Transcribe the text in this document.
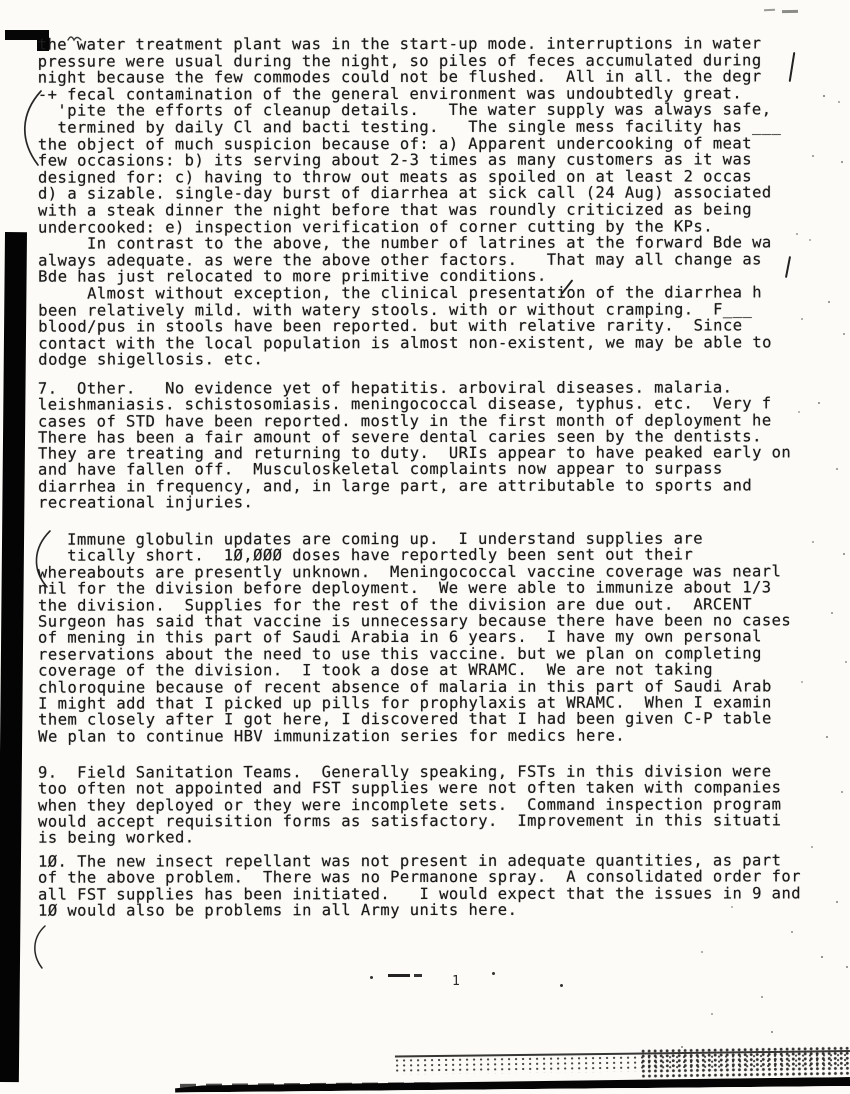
the water treatment plant was in the start-up mode. interruptions in water
pressure were usual during the night, so piles of feces accumulated during
night because the few commodes could not be flushed.  All in all. the degr
-+ fecal contamination of the general environment was undoubtedly great.
'pite the efforts of cleanup details.   The water supply was always safe,
termined by daily Cl and bacti testing.   The single mess facility has ___
the object of much suspicion because of: a) Apparent undercooking of meat
few occasions: b) its serving about 2-3 times as many customers as it was
designed for: c) having to throw out meats as spoiled on at least 2 occas
d) a sizable. single-day burst of diarrhea at sick call (24 Aug) associated
with a steak dinner the night before that was roundly criticized as being
undercooked: e) inspection verification of corner cutting by the KPs.
In contrast to the above, the number of latrines at the forward Bde wa
always adequate. as were the above other factors.   That may all change as
Bde has just relocated to more primitive conditions.
Almost without exception, the clinical presentation of the diarrhea h
been relatively mild. with watery stools. with or without cramping.  F___
blood/pus in stools have been reported. but with relative rarity.  Since
contact with the local population is almost non-existent, we may be able to
dodge shigellosis. etc.
7.  Other.   No evidence yet of hepatitis. arboviral diseases. malaria.
leishmaniasis. schistosomiasis. meningococcal disease, typhus. etc.  Very f
cases of STD have been reported. mostly in the first month of deployment he
There has been a fair amount of severe dental caries seen by the dentists.
They are treating and returning to duty.  URIs appear to have peaked early on
and have fallen off.  Musculoskeletal complaints now appear to surpass
diarrhea in frequency, and, in large part, are attributable to sports and
recreational injuries.
Immune globulin updates are coming up.  I understand supplies are
tically short.  1Ø,ØØØ doses have reportedly been sent out their
whereabouts are presently unknown.  Meningococcal vaccine coverage was nearl
nil for the division before deployment.  We were able to immunize about 1/3
the division.  Supplies for the rest of the division are due out.  ARCENT
Surgeon has said that vaccine is unnecessary because there have been no cases
of mening in this part of Saudi Arabia in 6 years.  I have my own personal
reservations about the need to use this vaccine. but we plan on completing
coverage of the division.  I took a dose at WRAMC.  We are not taking
chloroquine because of recent absence of malaria in this part of Saudi Arab
I might add that I picked up pills for prophylaxis at WRAMC.  When I examin
them closely after I got here, I discovered that I had been given C-P table
We plan to continue HBV immunization series for medics here.
9.  Field Sanitation Teams.  Generally speaking, FSTs in this division were
too often not appointed and FST supplies were not often taken with companies
when they deployed or they were incomplete sets.  Command inspection program
would accept requisition forms as satisfactory.  Improvement in this situati
is being worked.
1Ø. The new insect repellant was not present in adequate quantities, as part
of the above problem.  There was no Permanone spray.  A consolidated order for
all FST supplies has been initiated.   I would expect that the issues in 9 and
1Ø would also be problems in all Army units here.
1
